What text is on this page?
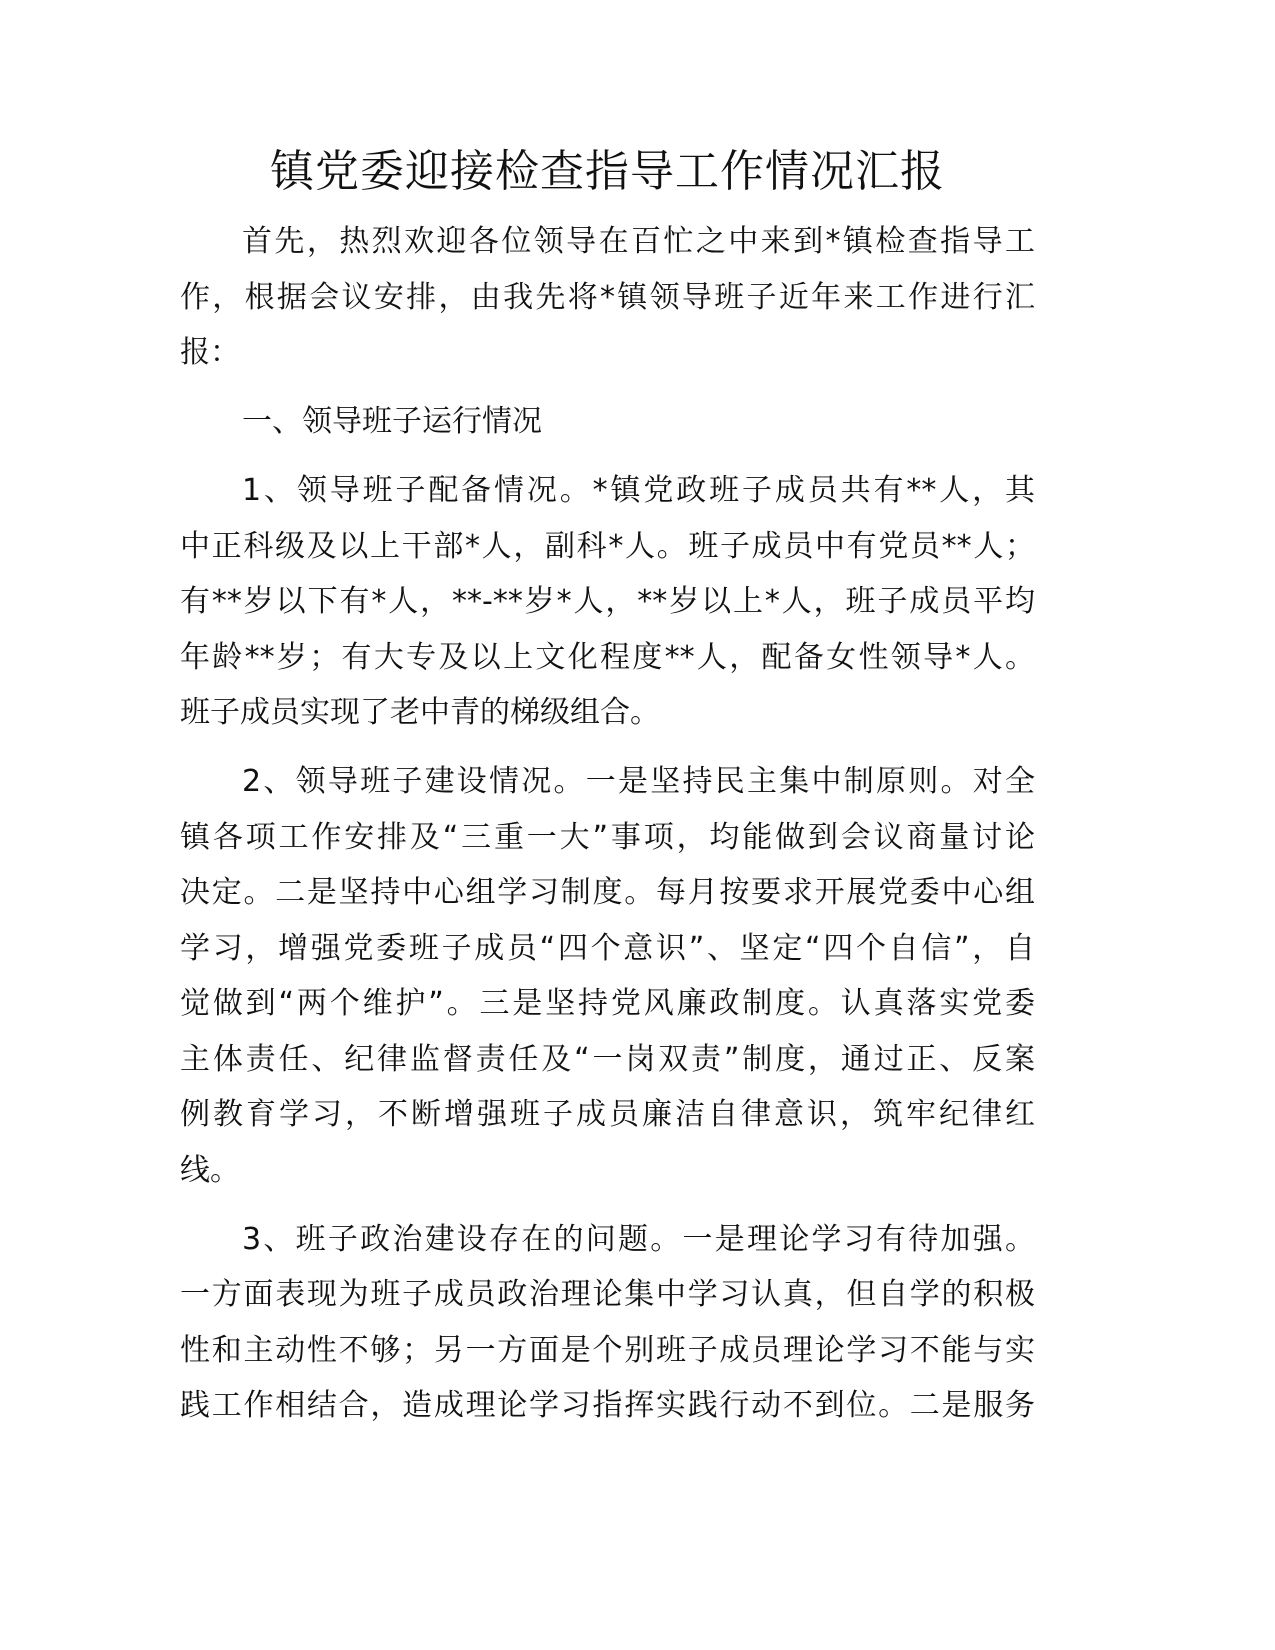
镇党委迎接检查指导工作情况汇报
首先，热烈欢迎各位领导在百忙之中来到*镇检查指导工
作，根据会议安排，由我先将*镇领导班子近年来工作进行汇
报：
一、领导班子运行情况
1、领导班子配备情况。*镇党政班子成员共有**人，其
中正科级及以上干部*人，副科*人。班子成员中有党员**人；
有**岁以下有*人，**-**岁*人，**岁以上*人，班子成员平均
年龄**岁；有大专及以上文化程度**人，配备女性领导*人。
班子成员实现了老中青的梯级组合。
2、领导班子建设情况。一是坚持民主集中制原则。对全
镇各项工作安排及“三重一大”事项，均能做到会议商量讨论
决定。二是坚持中心组学习制度。每月按要求开展党委中心组
学习，增强党委班子成员“四个意识”、坚定“四个自信”，自
觉做到“两个维护”。三是坚持党风廉政制度。认真落实党委
主体责任、纪律监督责任及“一岗双责”制度，通过正、反案
例教育学习，不断增强班子成员廉洁自律意识，筑牢纪律红
线。
3、班子政治建设存在的问题。一是理论学习有待加强。
一方面表现为班子成员政治理论集中学习认真，但自学的积极
性和主动性不够；另一方面是个别班子成员理论学习不能与实
践工作相结合，造成理论学习指挥实践行动不到位。二是服务
